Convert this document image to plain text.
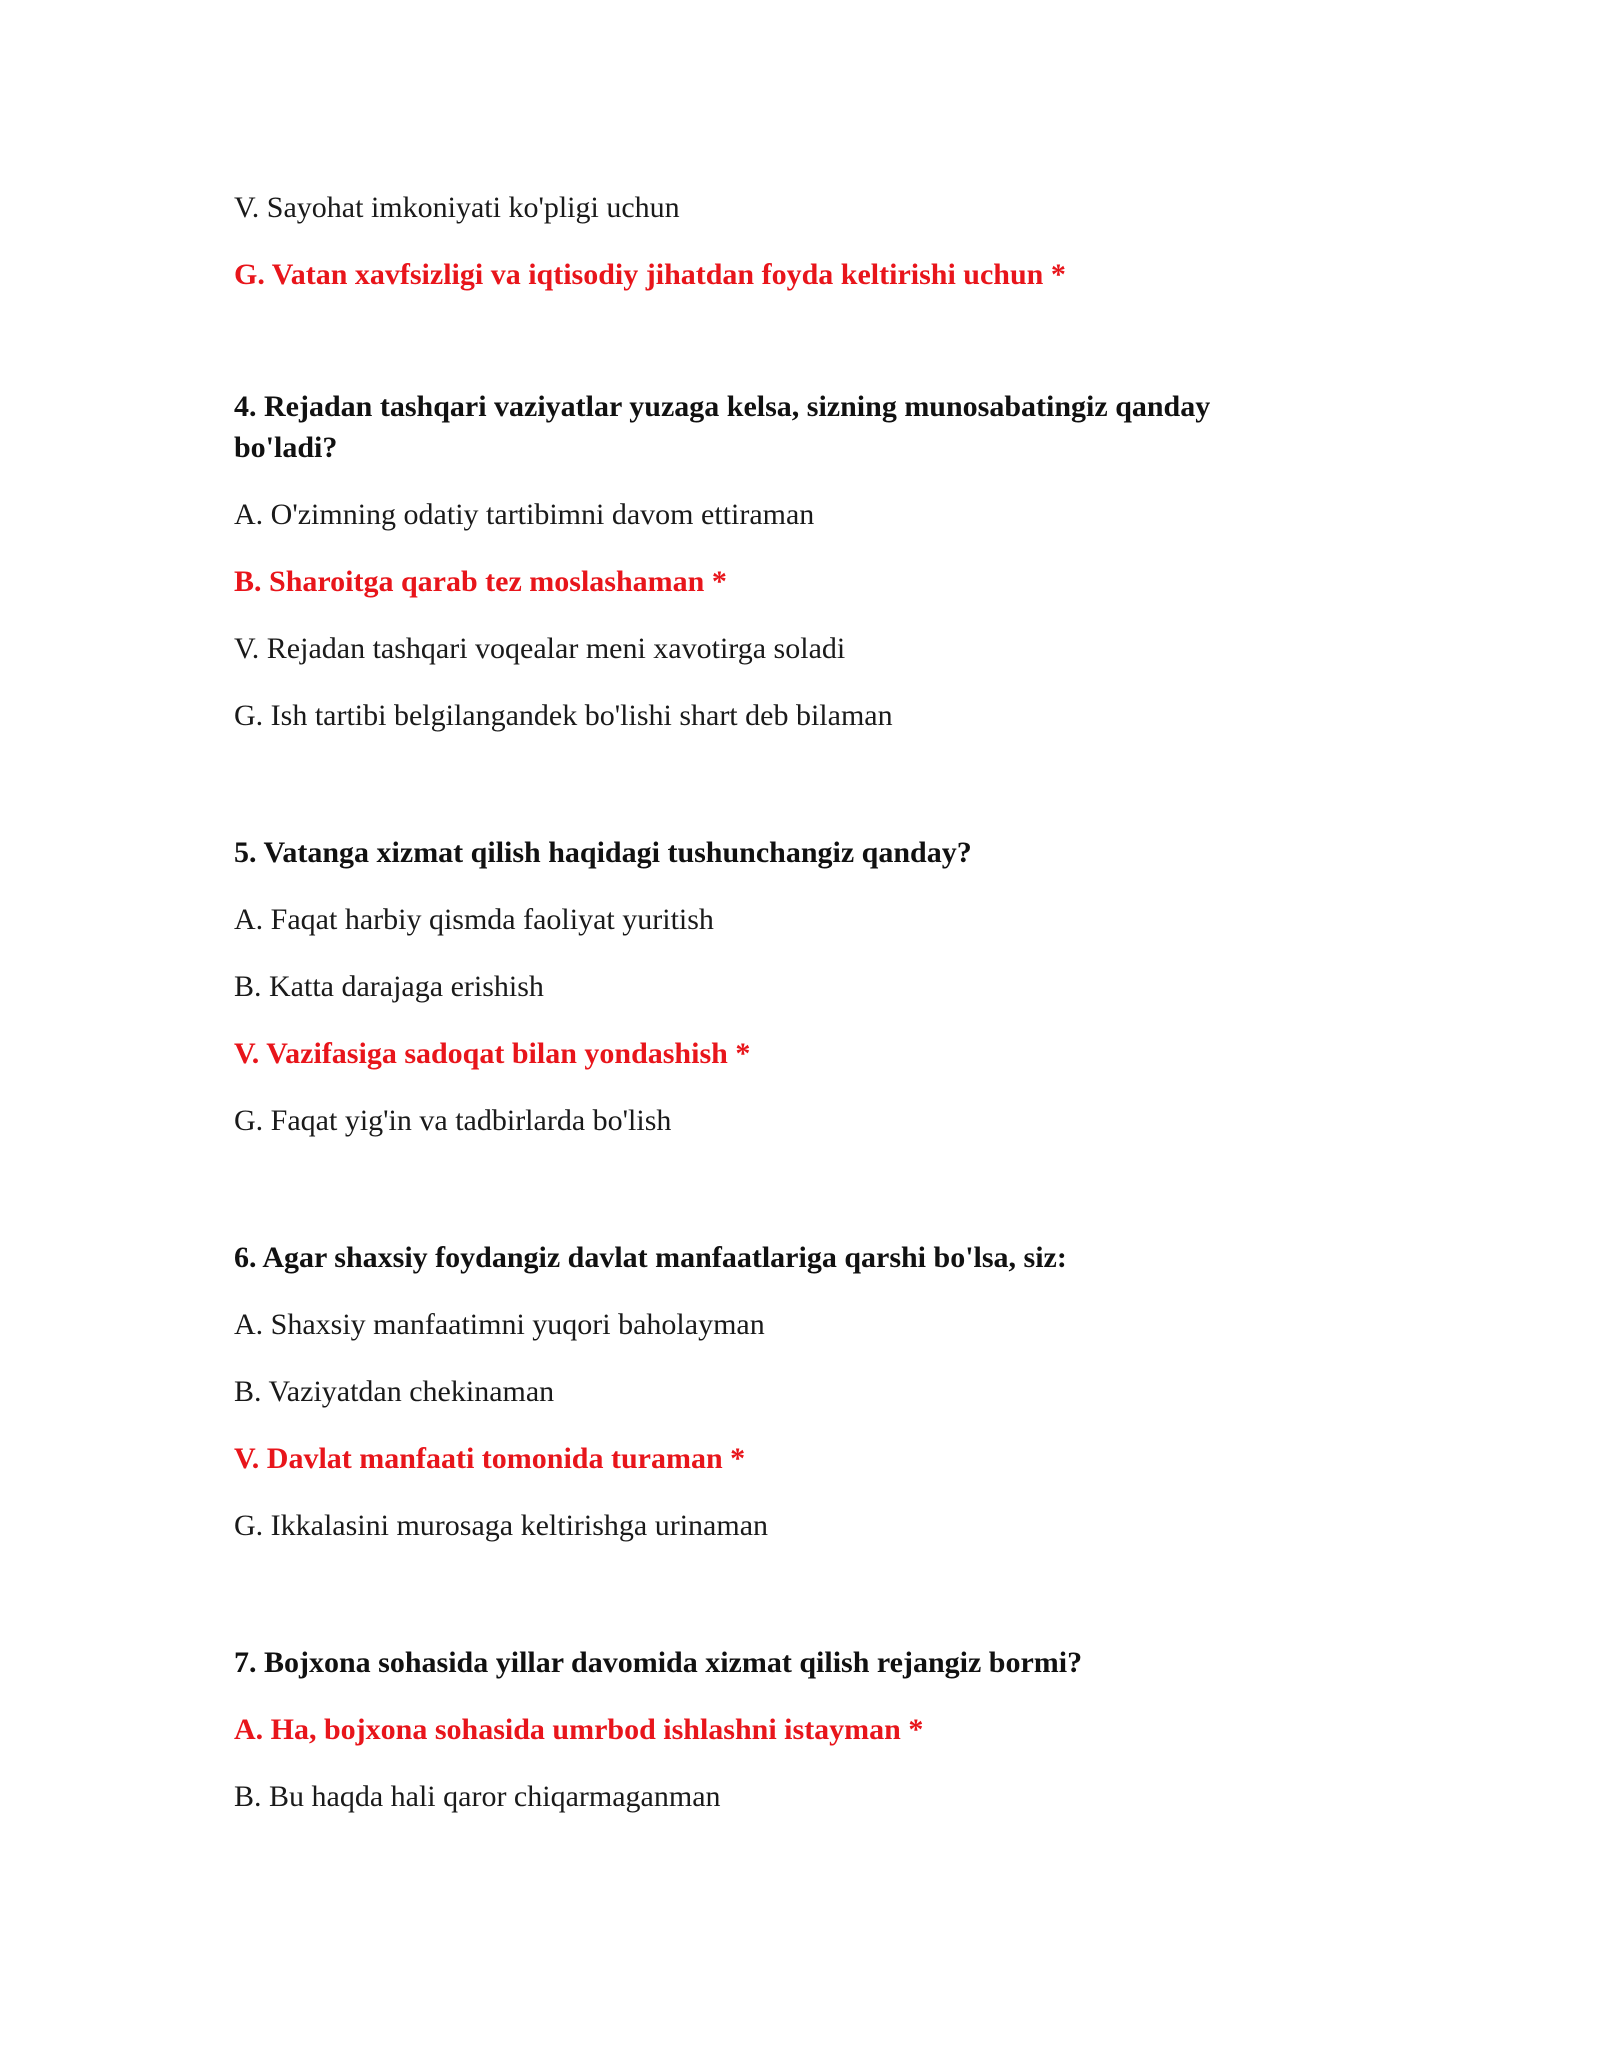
V. Sayohat imkoniyati ko'pligi uchun
G. Vatan xavfsizligi va iqtisodiy jihatdan foyda keltirishi uchun *
4. Rejadan tashqari vaziyatlar yuzaga kelsa, sizning munosabatingiz qanday bo'ladi?
A. O'zimning odatiy tartibimni davom ettiraman
B. Sharoitga qarab tez moslashaman *
V. Rejadan tashqari voqealar meni xavotirga soladi
G. Ish tartibi belgilangandek bo'lishi shart deb bilaman
5. Vatanga xizmat qilish haqidagi tushunchangiz qanday?
A. Faqat harbiy qismda faoliyat yuritish
B. Katta darajaga erishish
V. Vazifasiga sadoqat bilan yondashish *
G. Faqat yig'in va tadbirlarda bo'lish
6. Agar shaxsiy foydangiz davlat manfaatlariga qarshi bo'lsa, siz:
A. Shaxsiy manfaatimni yuqori baholayman
B. Vaziyatdan chekinaman
V. Davlat manfaati tomonida turaman *
G. Ikkalasini murosaga keltirishga urinaman
7. Bojxona sohasida yillar davomida xizmat qilish rejangiz bormi?
A. Ha, bojxona sohasida umrbod ishlashni istayman *
B. Bu haqda hali qaror chiqarmaganman
